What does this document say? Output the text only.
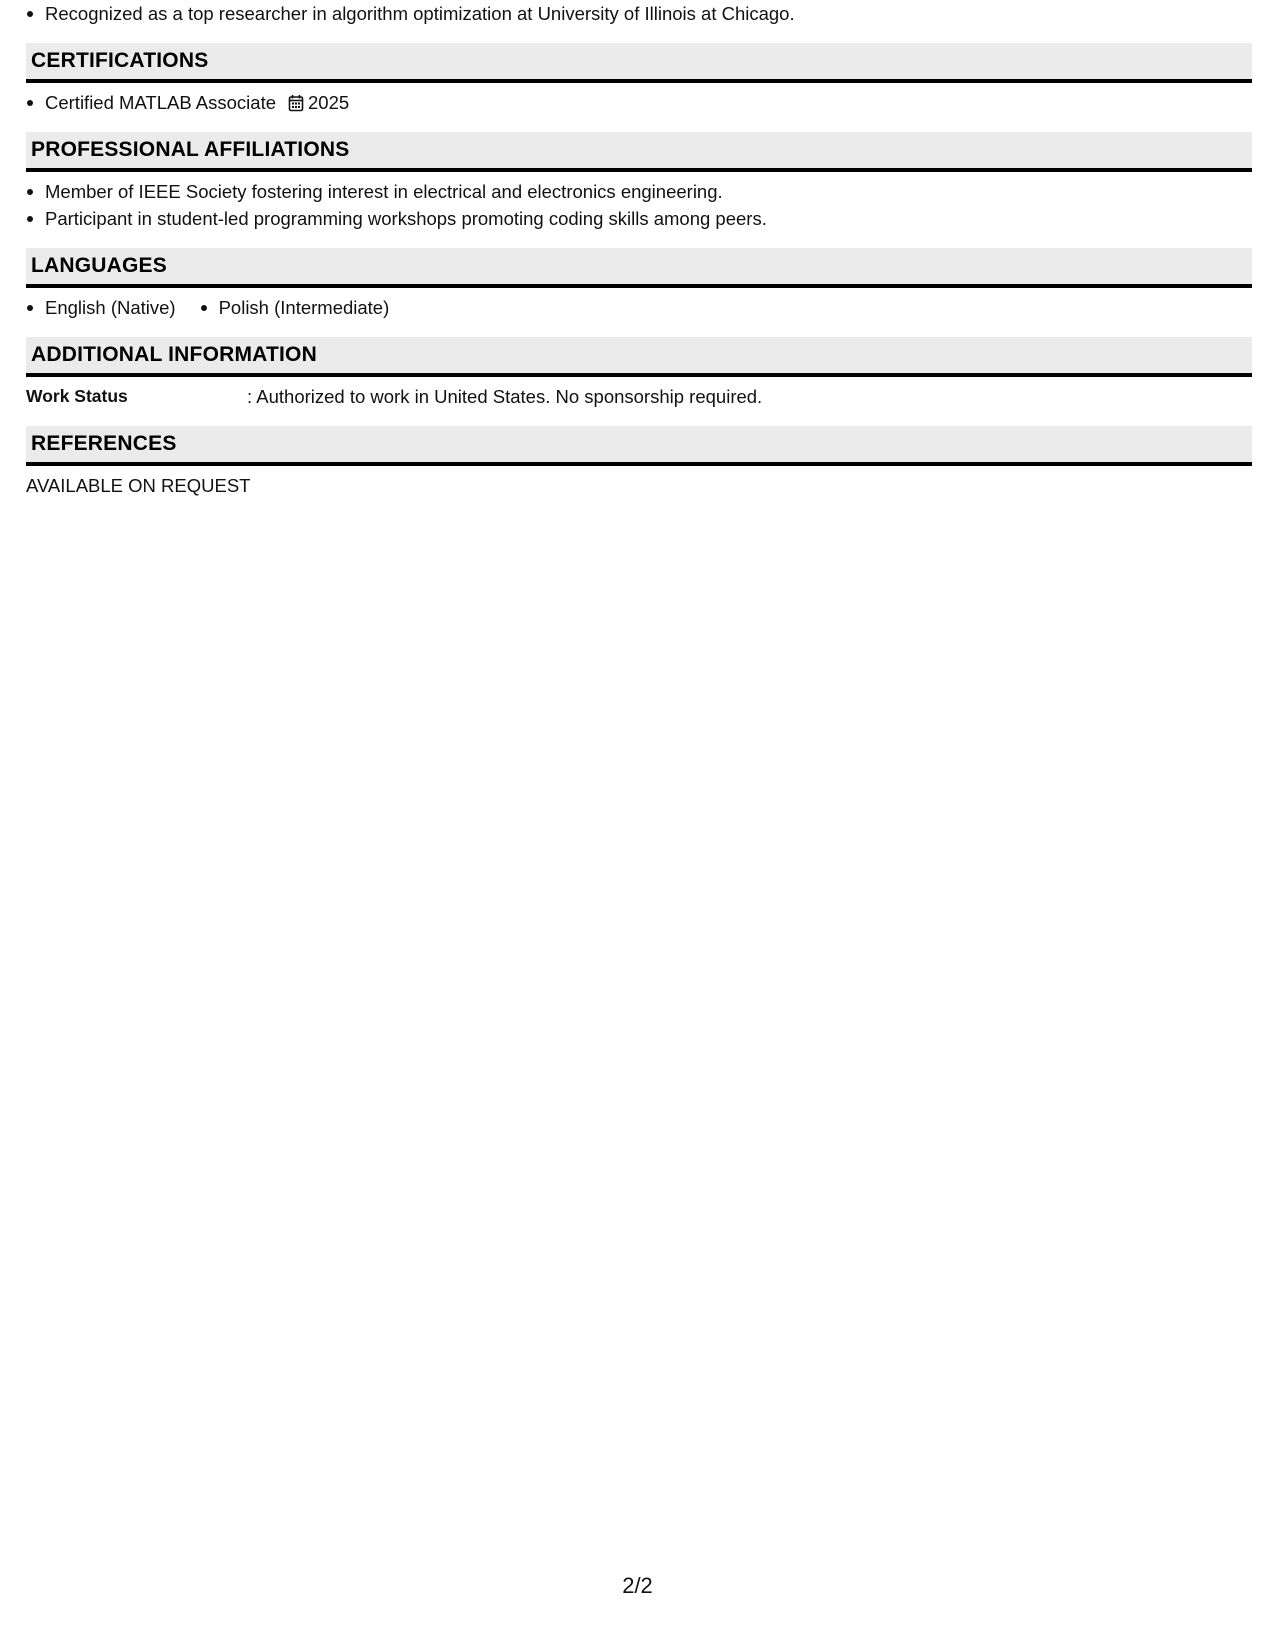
Recognized as a top researcher in algorithm optimization at University of Illinois at Chicago.
CERTIFICATIONS
Certified MATLAB Associate 2025
PROFESSIONAL AFFILIATIONS
Member of IEEE Society fostering interest in electrical and electronics engineering.
Participant in student-led programming workshops promoting coding skills among peers.
LANGUAGES
English (Native)	Polish (Intermediate)
ADDITIONAL INFORMATION
Work Status	: Authorized to work in United States. No sponsorship required.
REFERENCES
AVAILABLE ON REQUEST
2/2
